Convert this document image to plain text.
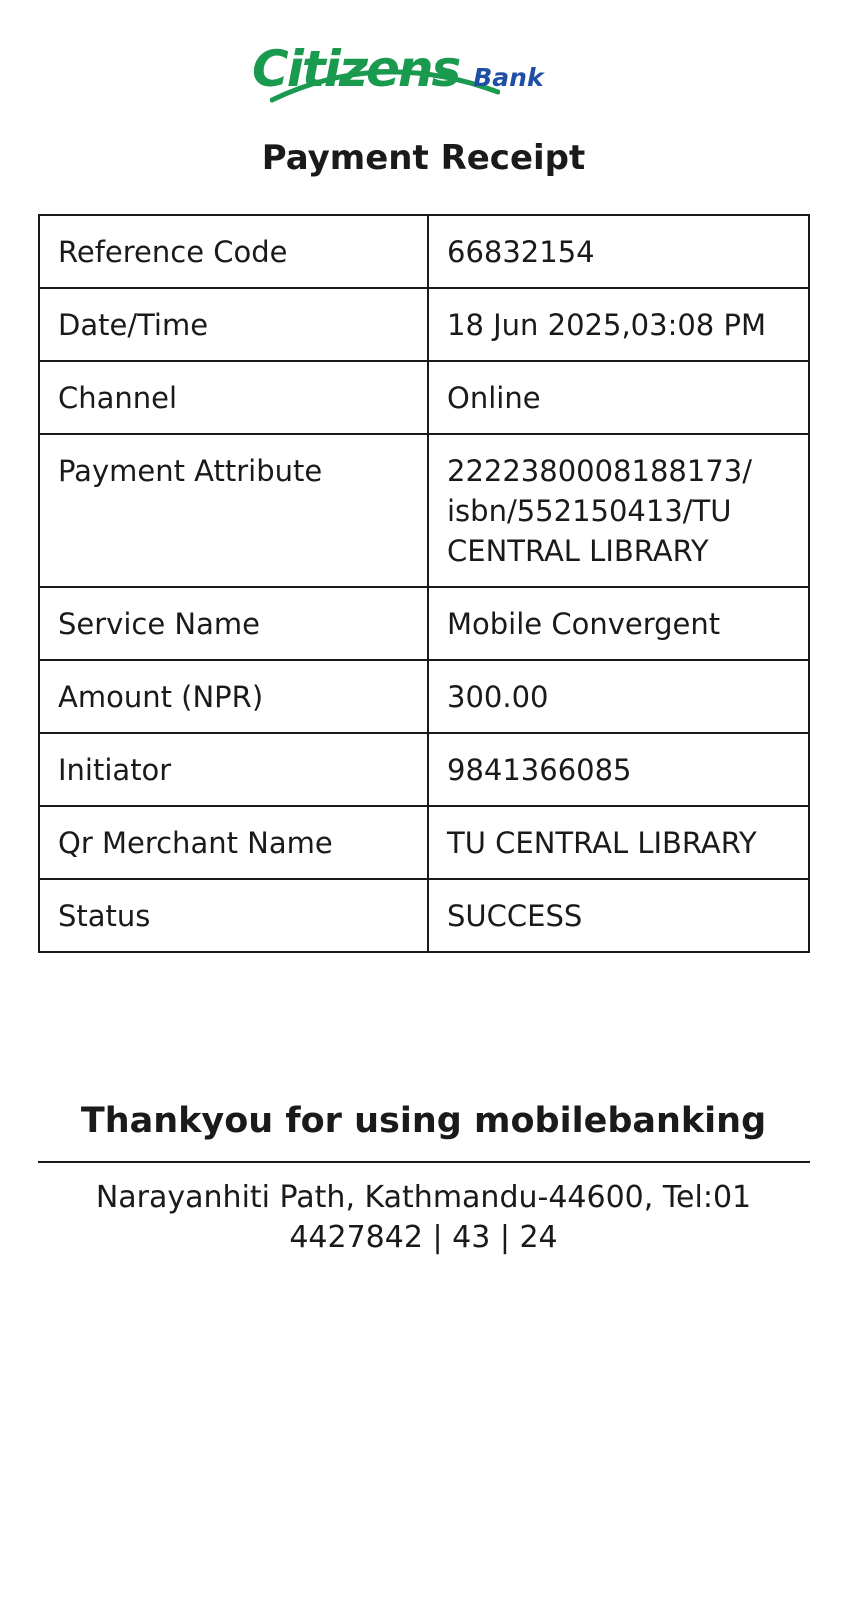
Citizens Bank
Payment Receipt
Reference Code	66832154
Date/Time	18 Jun 2025,03:08 PM
Channel	Online
Payment Attribute	2222380008188173/ isbn/552150413/TU CENTRAL LIBRARY
Service Name	Mobile Convergent
Amount (NPR)	300.00
Initiator	9841366085
Qr Merchant Name	TU CENTRAL LIBRARY
Status	SUCCESS
Thankyou for using mobilebanking
Narayanhiti Path, Kathmandu-44600, Tel:01 4427842 | 43 | 24
